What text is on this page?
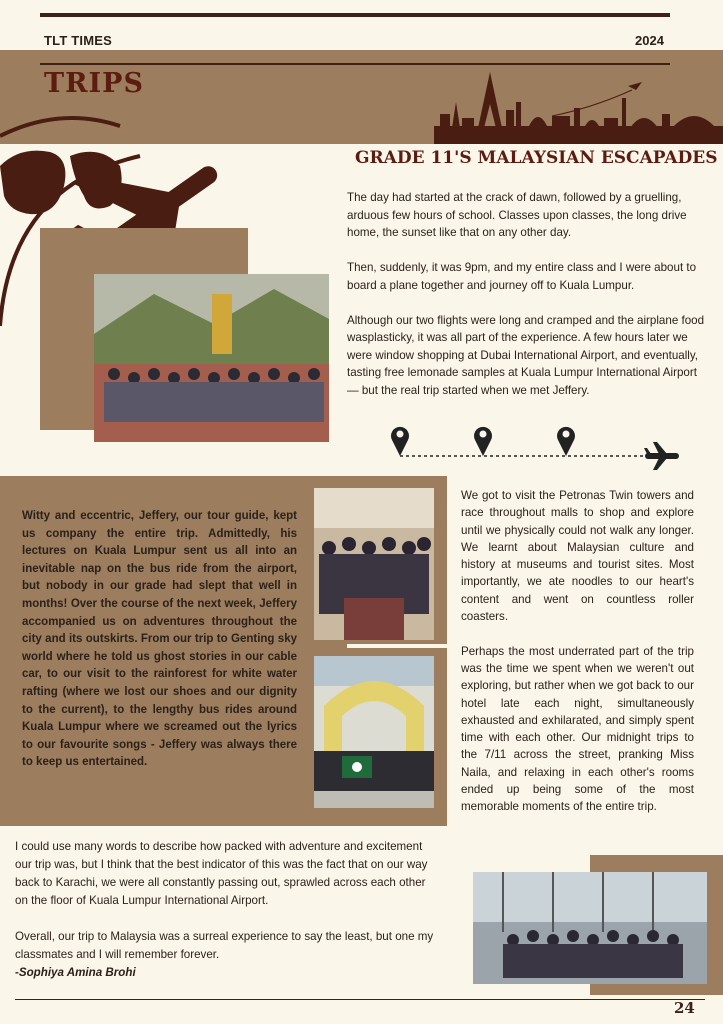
TLT TIMES	2024
TRIPS
GRADE 11'S MALAYSIAN ESCAPADES

The day had started at the crack of dawn, followed by a gruelling, arduous few hours of school. Classes upon classes, the long drive home, the sunset like that on any other day.

Then, suddenly, it was 9pm, and my entire class and I were about to board a plane together and journey off to Kuala Lumpur.

Although our two flights were long and cramped and the airplane food wasplasticky, it was all part of the experience. A few hours later we were window shopping at Dubai International Airport, and eventually, tasting free lemonade samples at Kuala Lumpur International Airport — but the real trip started when we met Jeffery.

Witty and eccentric, Jeffery, our tour guide, kept us company the entire trip. Admittedly, his lectures on Kuala Lumpur sent us all into an inevitable nap on the bus ride from the airport, but nobody in our grade had slept that well in months! Over the course of the next week, Jeffery accompanied us on adventures throughout the city and its outskirts. From our trip to Genting sky world where he told us ghost stories in our cable car, to our visit to the rainforest for white water rafting (where we lost our shoes and our dignity to the current), to the lengthy bus rides around Kuala Lumpur where we screamed out the lyrics to our favourite songs - Jeffery was always there to keep us entertained.

We got to visit the Petronas Twin towers and race throughout malls to shop and explore until we physically could not walk any longer. We learnt about Malaysian culture and history at museums and tourist sites. Most importantly, we ate noodles to our heart's content and went on countless roller coasters.

Perhaps the most underrated part of the trip was the time we spent when we weren't out exploring, but rather when we got back to our hotel late each night, simultaneously exhausted and exhilarated, and simply spent time with each other. Our midnight trips to the 7/11 across the street, pranking Miss Naila, and relaxing in each other's rooms ended up being some of the most memorable moments of the entire trip.

I could use many words to describe how packed with adventure and excitement our trip was, but I think that the best indicator of this was the fact that on our way back to Karachi, we were all constantly passing out, sprawled across each other on the floor of Kuala Lumpur International Airport.

Overall, our trip to Malaysia was a surreal experience to say the least, but one my classmates and I will remember forever.

-Sophiya Amina Brohi
24
